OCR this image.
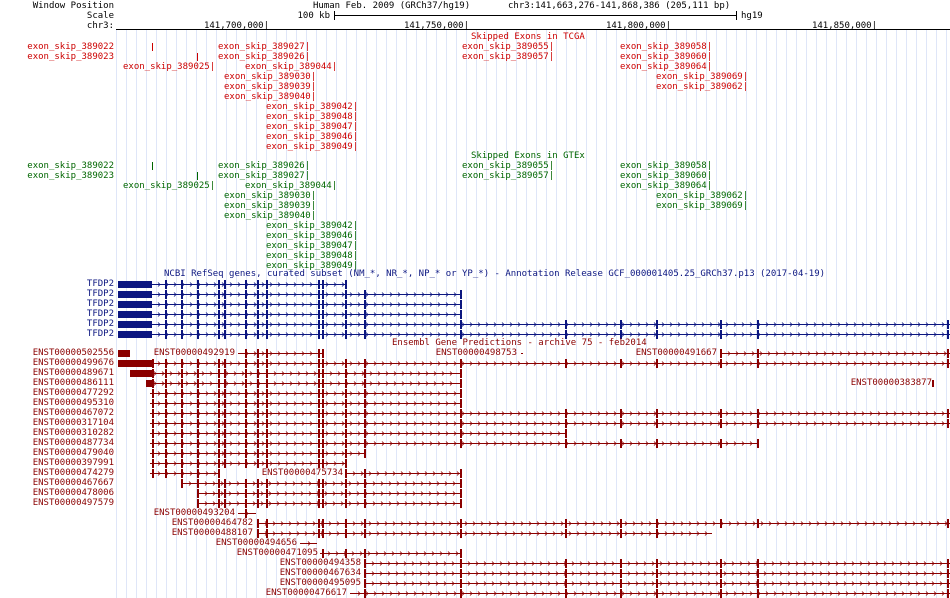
Window Position
Scale
chr3:
Human Feb. 2009 (GRCh37/hg19)	chr3:141,663,276-141,868,386 (205,111 bp)
100 kb	hg19
141,700,000|	141,750,000|	141,800,000|	141,850,000|
Skipped Exons in TCGA
exon_skip_389022
exon_skip_389023
exon_skip_389027|
exon_skip_389026|
exon_skip_389025|	exon_skip_389044|
exon_skip_389030|
exon_skip_389039|
exon_skip_389040|
exon_skip_389042|
exon_skip_389048|
exon_skip_389047|
exon_skip_389046|
exon_skip_389049|
exon_skip_389055|
exon_skip_389057|
exon_skip_389058|
exon_skip_389060|
exon_skip_389064|
exon_skip_389069|
exon_skip_389062|
Skipped Exons in GTEx
exon_skip_389022
exon_skip_389023
exon_skip_389026|
exon_skip_389027|
exon_skip_389025|	exon_skip_389044|
exon_skip_389030|
exon_skip_389039|
exon_skip_389040|
exon_skip_389042|
exon_skip_389046|
exon_skip_389047|
exon_skip_389048|
exon_skip_389049|
exon_skip_389055|
exon_skip_389057|
exon_skip_389058|
exon_skip_389060|
exon_skip_389064|
exon_skip_389062|
exon_skip_389069|
NCBI RefSeq genes, curated subset (NM_*, NR_*, NP_* or YP_*) - Annotation Release GCF_000001405.25_GRCh37.p13 (2017-04-19)
TFDP2
TFDP2
TFDP2
TFDP2
TFDP2
TFDP2
Ensembl Gene Predictions - archive 75 - feb2014
ENST00000502556
ENST00000499676
ENST00000489671
ENST00000486111
ENST00000477292
ENST00000495310
ENST00000467072
ENST00000317104
ENST00000310282
ENST00000487734
ENST00000479040
ENST00000397991
ENST00000474279
ENST00000467667
ENST00000478006
ENST00000497579
ENST00000492919	ENST00000498753	ENST00000491667
ENST00000383877
ENST00000475734
ENST00000493204
ENST00000464782
ENST00000488107
ENST00000494656
ENST00000471095
ENST00000494358
ENST00000467634
ENST00000495095
ENST00000476617
